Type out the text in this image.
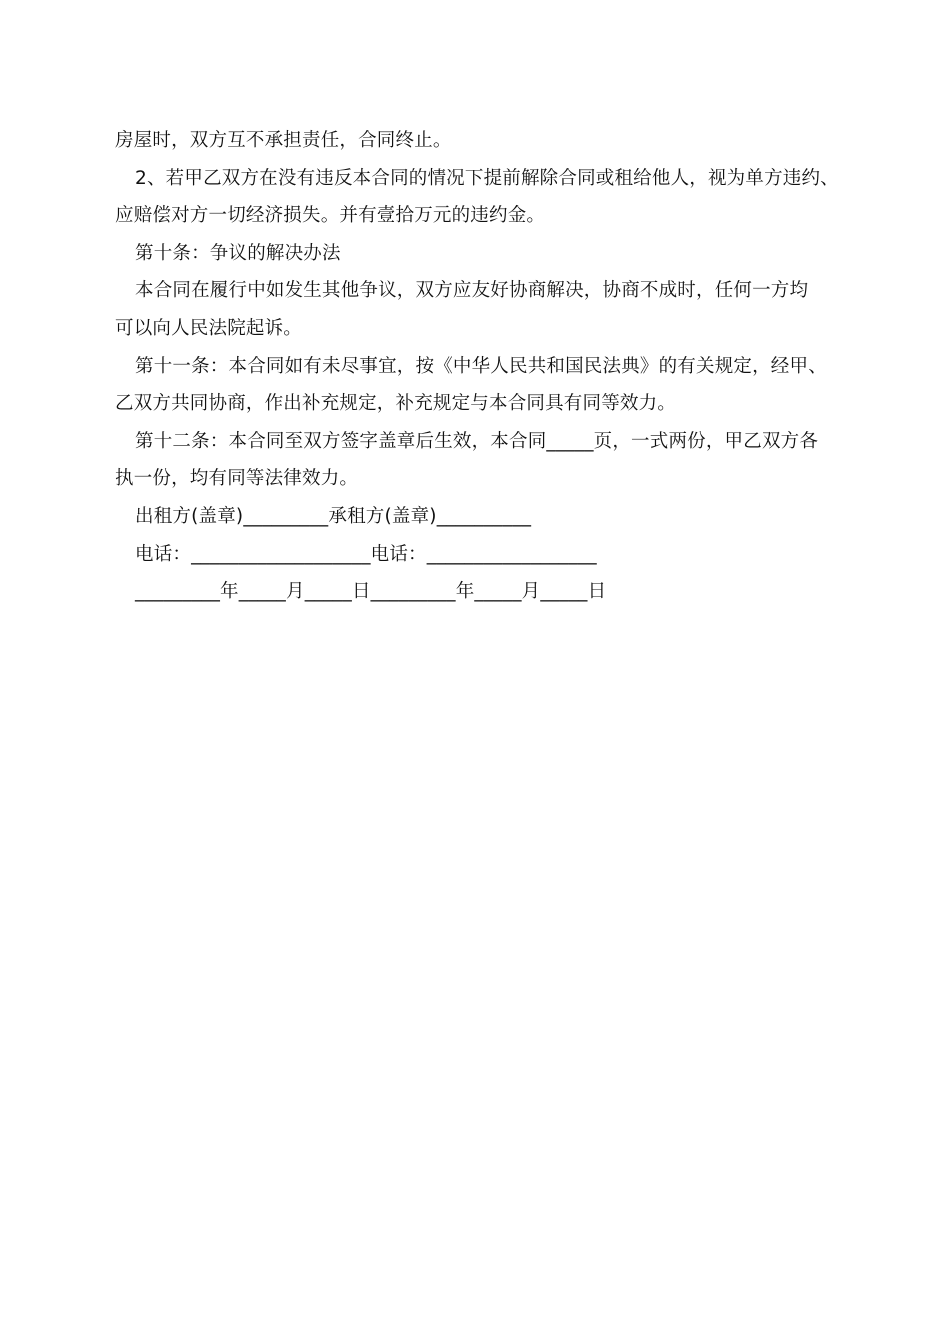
房屋时，双方互不承担责任，合同终止。
2、若甲乙双方在没有违反本合同的情况下提前解除合同或租给他人，视为单方违约、
应赔偿对方一切经济损失。并有壹拾万元的违约金。
第十条：争议的解决办法
本合同在履行中如发生其他争议，双方应友好协商解决，协商不成时，任何一方均
可以向人民法院起诉。
第十一条：本合同如有未尽事宜，按《中华人民共和国民法典》的有关规定，经甲、
乙双方共同协商，作出补充规定，补充规定与本合同具有同等效力。
第十二条：本合同至双方签字盖章后生效，本合同_____页，一式两份，甲乙双方各
执一份，均有同等法律效力。
出租方(盖章)_________承租方(盖章)__________
电话：___________________电话：__________________
_________年_____月_____日_________年_____月_____日
